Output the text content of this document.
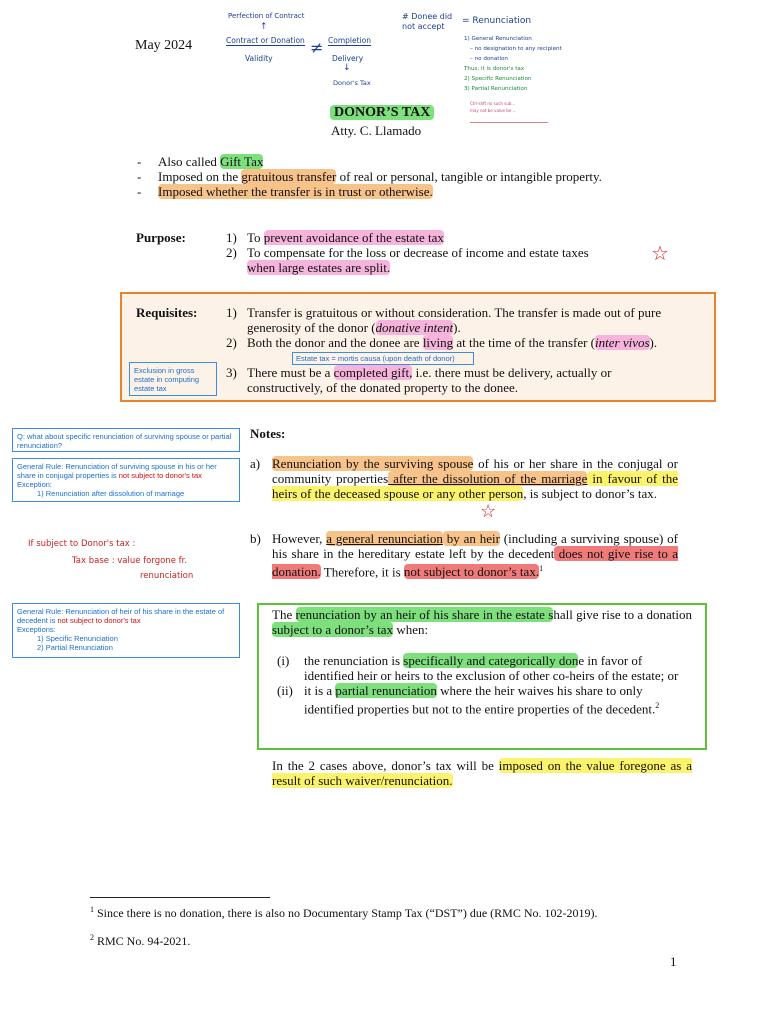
May 2024
Perfection of Contract
↑
Contract or Donation
Validity
≠ Completion
Delivery
↓
Donor's Tax
# Donee did not accept
= Renunciation
1) General Renunciation
– no designation to any recipient
– no donation
Thus, it is donor's tax
2) Specific Renunciation
3) Partial Renunciation
Ctrl-shft no such sub...
may not be value be ...
DONOR’S TAX
Atty. C. Llamado
- Also called Gift Tax
- Imposed on the gratuitous transfer of real or personal, tangible or intangible property.
- Imposed whether the transfer is in trust or otherwise.
Purpose:	1) To prevent avoidance of the estate tax
2) To compensate for the loss or decrease of income and estate taxes
when large estates are split.
☆
Requisites: 1) Transfer is gratuitous or without consideration. The transfer is made out of pure generosity of the donor (donative intent).
2) Both the donor and the donee are living at the time of the transfer (inter vivos).
Estate tax = mortis causa (upon death of donor)
3) There must be a completed gift, i.e. there must be delivery, actually or constructively, of the donated property to the donee.
Exclusion in gross estate in computing estate tax
Q: what about specific renunciation of surviving spouse or partial renunciation?
General Rule: Renunciation of surviving spouse in his or her share in conjugal properties is not subject to donor's tax
Exception:
1) Renunciation after dissolution of marriage
If subject to Donor's tax :
Tax base : value forgone fr.
renunciation
General Rule: Renunciation of heir of his share in the estate of decedent is not subject to donor's tax
Exceptions:
1) Specific Renunciation
2) Partial Renunciation
Notes:
a) Renunciation by the surviving spouse of his or her share in the conjugal or community properties after the dissolution of the marriage in favour of the heirs of the deceased spouse or any other person, is subject to donor’s tax.
☆
b) However, a general renunciation by an heir (including a surviving spouse) of his share in the hereditary estate left by the decedent does not give rise to a donation. Therefore, it is not subject to donor’s tax.$^1$
The renunciation by an heir of his share in the estate shall give rise to a donation subject to a donor’s tax when:
(i) the renunciation is specifically and categorically done in favor of identified heir or heirs to the exclusion of other co-heirs of the estate; or
(ii) it is a partial renunciation where the heir waives his share to only identified properties but not to the entire properties of the decedent.$^2$
In the 2 cases above, donor’s tax will be imposed on the value foregone as a result of such waiver/renunciation.
$^1$ Since there is no donation, there is also no Documentary Stamp Tax (“DST”) due (RMC No. 102-2019).
$^2$ RMC No. 94-2021.
1
